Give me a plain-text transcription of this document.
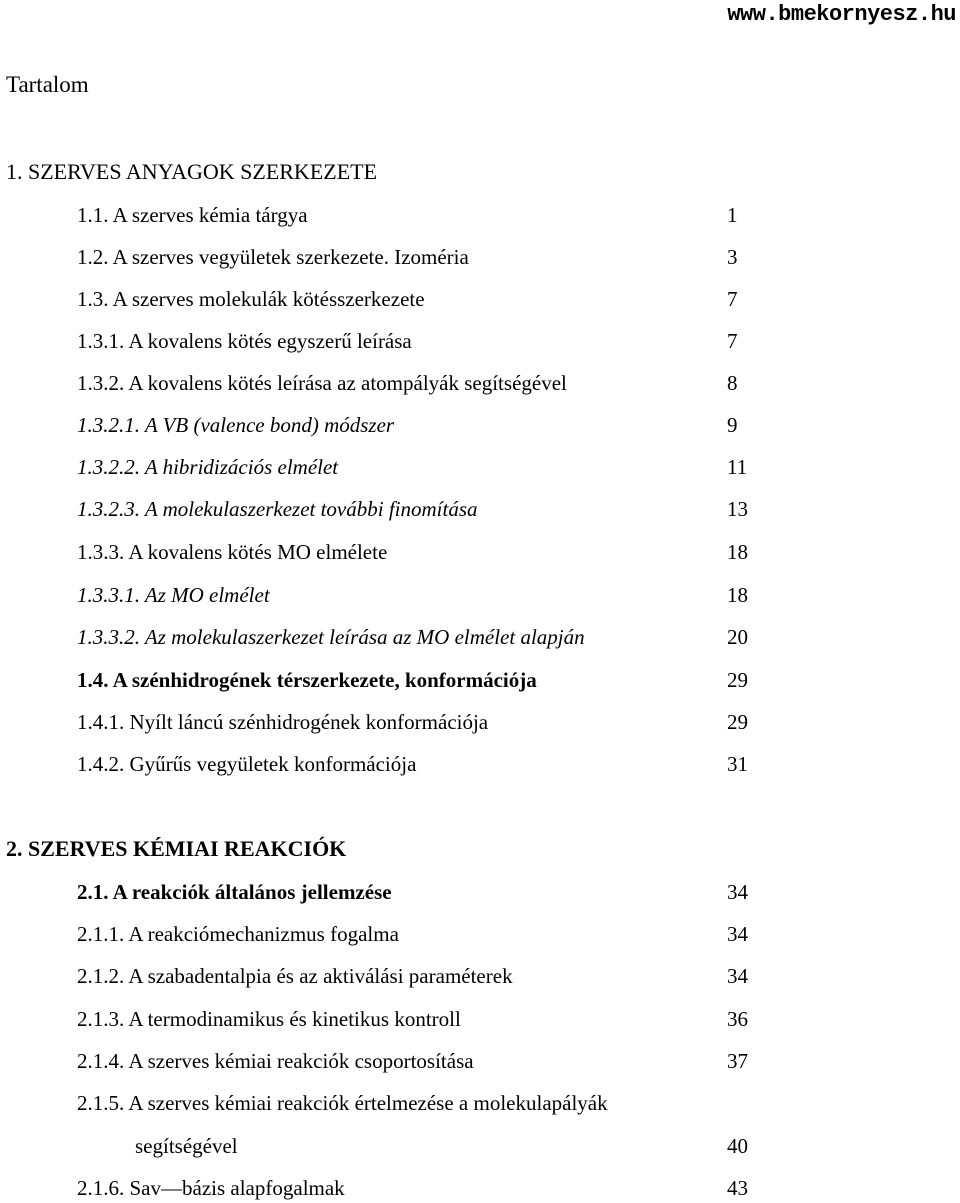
www.bmekornyesz.hu
Tartalom
1. SZERVES ANYAGOK SZERKEZETE
1.1. A szerves kémia tárgya	1
1.2. A szerves vegyületek szerkezete. Izoméria	3
1.3. A szerves molekulák kötésszerkezete	7
1.3.1. A kovalens kötés egyszerű leírása	7
1.3.2. A kovalens kötés leírása az atompályák segítségével	8
1.3.2.1. A VB (valence bond) módszer	9
1.3.2.2. A hibridizációs elmélet	11
1.3.2.3. A molekulaszerkezet további finomítása	13
1.3.3. A kovalens kötés MO elmélete	18
1.3.3.1. Az MO elmélet	18
1.3.3.2. Az molekulaszerkezet leírása az MO elmélet alapján	20
1.4. A szénhidrogének térszerkezete, konformációja	29
1.4.1. Nyílt láncú szénhidrogének konformációja	29
1.4.2. Gyűrűs vegyületek konformációja	31
2. SZERVES KÉMIAI REAKCIÓK
2.1. A reakciók általános jellemzése	34
2.1.1. A reakciómechanizmus fogalma	34
2.1.2. A szabadentalpia és az aktiválási paraméterek	34
2.1.3. A termodinamikus és kinetikus kontroll	36
2.1.4. A szerves kémiai reakciók csoportosítása	37
2.1.5. A szerves kémiai reakciók értelmezése a molekulapályák
segítségével	40
2.1.6. Sav—bázis alapfogalmak	43
